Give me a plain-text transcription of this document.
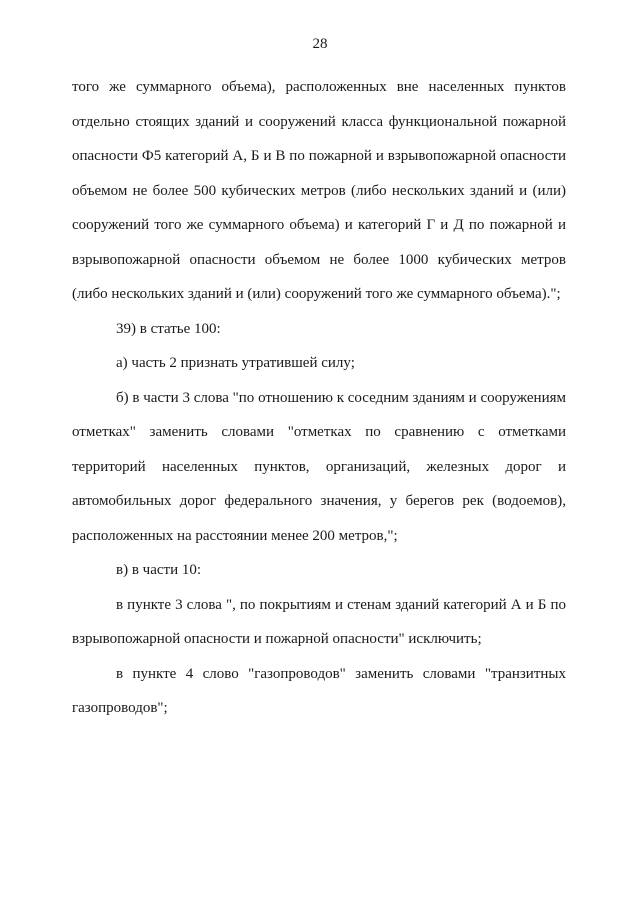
28

того же суммарного объема), расположенных вне населенных пунктов отдельно стоящих зданий и сооружений класса функциональной пожарной опасности Ф5 категорий А, Б и В по пожарной и взрывопожарной опасности объемом не более 500 кубических метров (либо нескольких зданий и (или) сооружений того же суммарного объема) и категорий Г и Д по пожарной и взрывопожарной опасности объемом не более 1000 кубических метров (либо нескольких зданий и (или) сооружений того же суммарного объема).";

39) в статье 100:

а) часть 2 признать утратившей силу;

б) в части 3 слова "по отношению к соседним зданиям и сооружениям отметках" заменить словами "отметках по сравнению с отметками территорий населенных пунктов, организаций, железных дорог и автомобильных дорог федерального значения, у берегов рек (водоемов), расположенных на расстоянии менее 200 метров,";

в) в части 10:

в пункте 3 слова ", по покрытиям и стенам зданий категорий А и Б по взрывопожарной опасности и пожарной опасности" исключить;

в пункте 4 слово "газопроводов" заменить словами "транзитных газопроводов";
